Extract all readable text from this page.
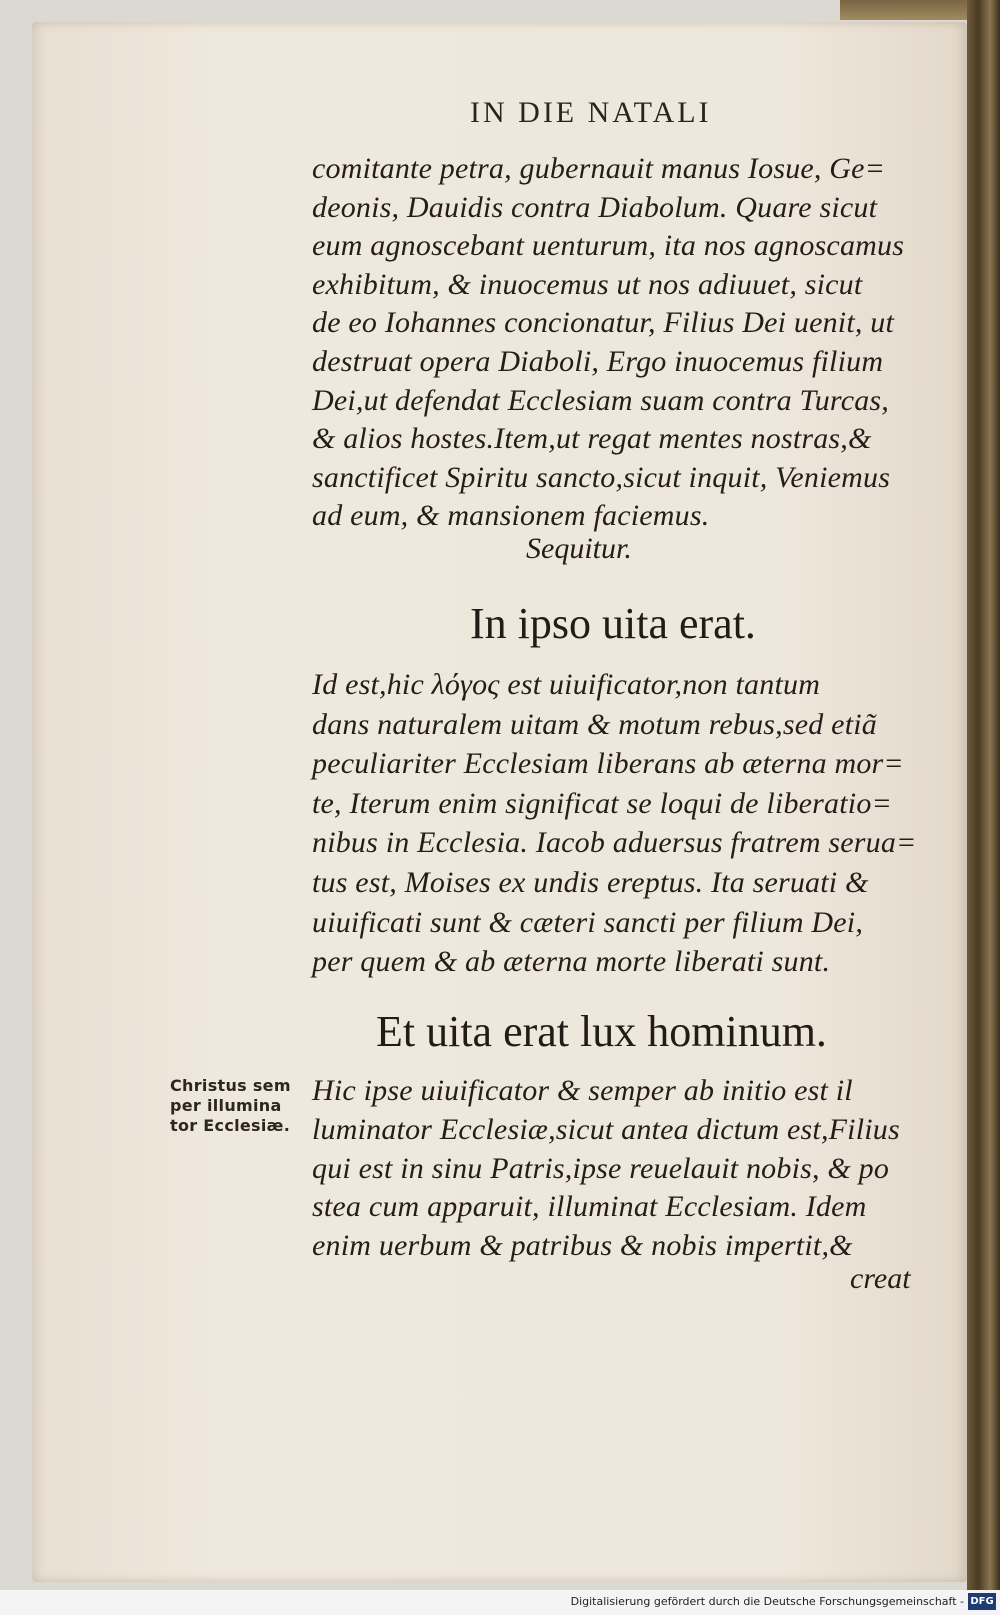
IN DIE NATALI
comitante petra, gubernauit manus Iosue, Ge=
deonis, Dauidis contra Diabolum. Quare sicut
eum agnoscebant uenturum, ita nos agnoscamus
exhibitum, & inuocemus ut nos adiuuet, sicut
de eo Iohannes concionatur, Filius Dei uenit, ut
destruat opera Diaboli, Ergo inuocemus filium
Dei,ut defendat Ecclesiam suam contra Turcas,
& alios hostes.Item,ut regat mentes nostras,&
sanctificet Spiritu sancto,sicut inquit, Veniemus
ad eum, & mansionem faciemus.
Sequitur.
In ipso uita erat.
Id est,hic λόγος est uiuificator,non tantum
dans naturalem uitam & motum rebus,sed etiã
peculiariter Ecclesiam liberans ab æterna mor=
te, Iterum enim significat se loqui de liberatio=
nibus in Ecclesia. Iacob aduersus fratrem serua=
tus est, Moises ex undis ereptus. Ita seruati &
uiuificati sunt & cæteri sancti per filium Dei,
per quem & ab æterna morte liberati sunt.
Et uita erat lux hominum.
Christus sem
per illumina
tor Ecclesiæ.
Hic ipse uiuificator & semper ab initio est il
luminator Ecclesiæ,sicut antea dictum est,Filius
qui est in sinu Patris,ipse reuelauit nobis, & po
stea cum apparuit, illuminat Ecclesiam. Idem
enim uerbum & patribus & nobis impertit,&
creat
Digitalisierung gefördert durch die Deutsche Forschungsgemeinschaft - DFG
